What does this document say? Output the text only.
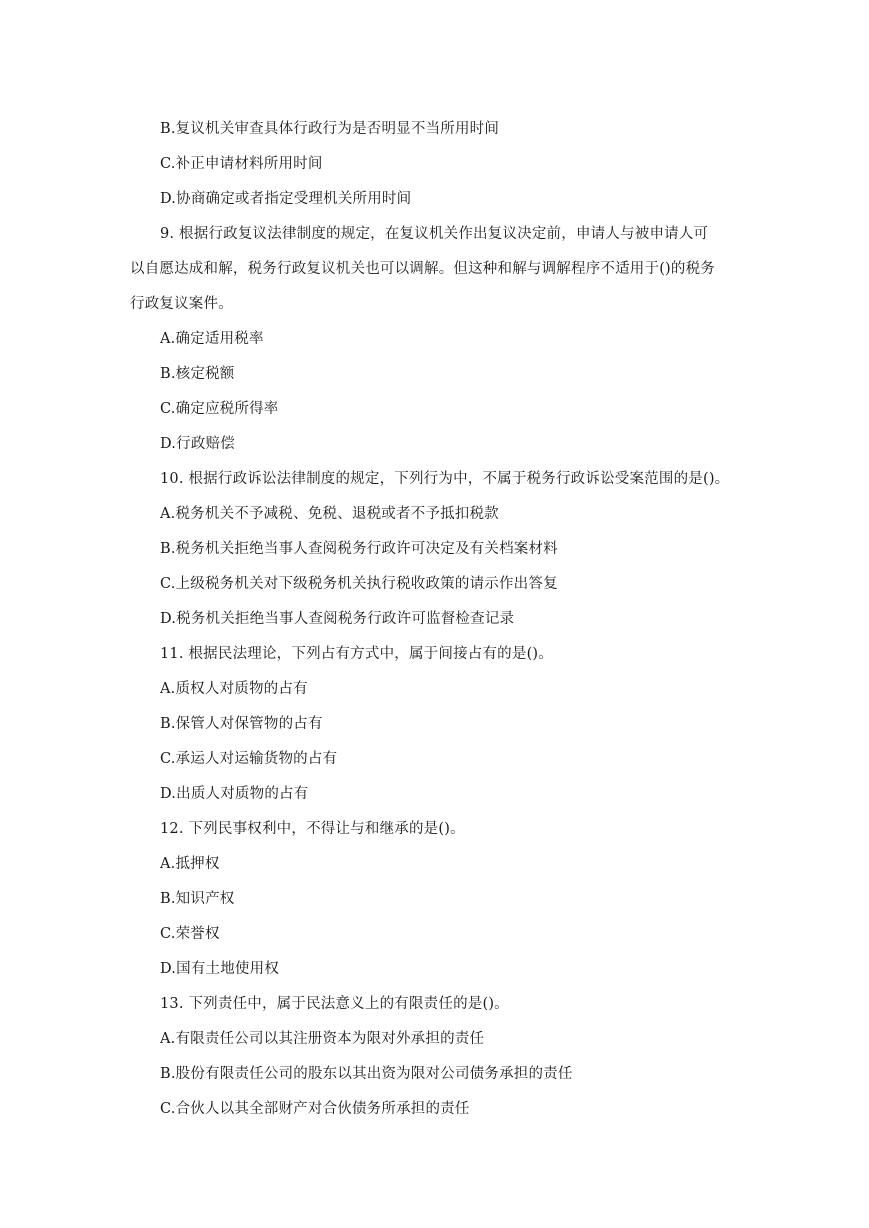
B.复议机关审查具体行政行为是否明显不当所用时间
C.补正申请材料所用时间
D.协商确定或者指定受理机关所用时间
9. 根据行政复议法律制度的规定，在复议机关作出复议决定前，申请人与被申请人可
以自愿达成和解，税务行政复议机关也可以调解。但这种和解与调解程序不适用于()的税务
行政复议案件。
A.确定适用税率
B.核定税额
C.确定应税所得率
D.行政赔偿
10. 根据行政诉讼法律制度的规定，下列行为中，不属于税务行政诉讼受案范围的是()。
A.税务机关不予减税、免税、退税或者不予抵扣税款
B.税务机关拒绝当事人查阅税务行政许可决定及有关档案材料
C.上级税务机关对下级税务机关执行税收政策的请示作出答复
D.税务机关拒绝当事人查阅税务行政许可监督检查记录
11. 根据民法理论，下列占有方式中，属于间接占有的是()。
A.质权人对质物的占有
B.保管人对保管物的占有
C.承运人对运输货物的占有
D.出质人对质物的占有
12. 下列民事权利中，不得让与和继承的是()。
A.抵押权
B.知识产权
C.荣誉权
D.国有土地使用权
13. 下列责任中，属于民法意义上的有限责任的是()。
A.有限责任公司以其注册资本为限对外承担的责任
B.股份有限责任公司的股东以其出资为限对公司债务承担的责任
C.合伙人以其全部财产对合伙债务所承担的责任
